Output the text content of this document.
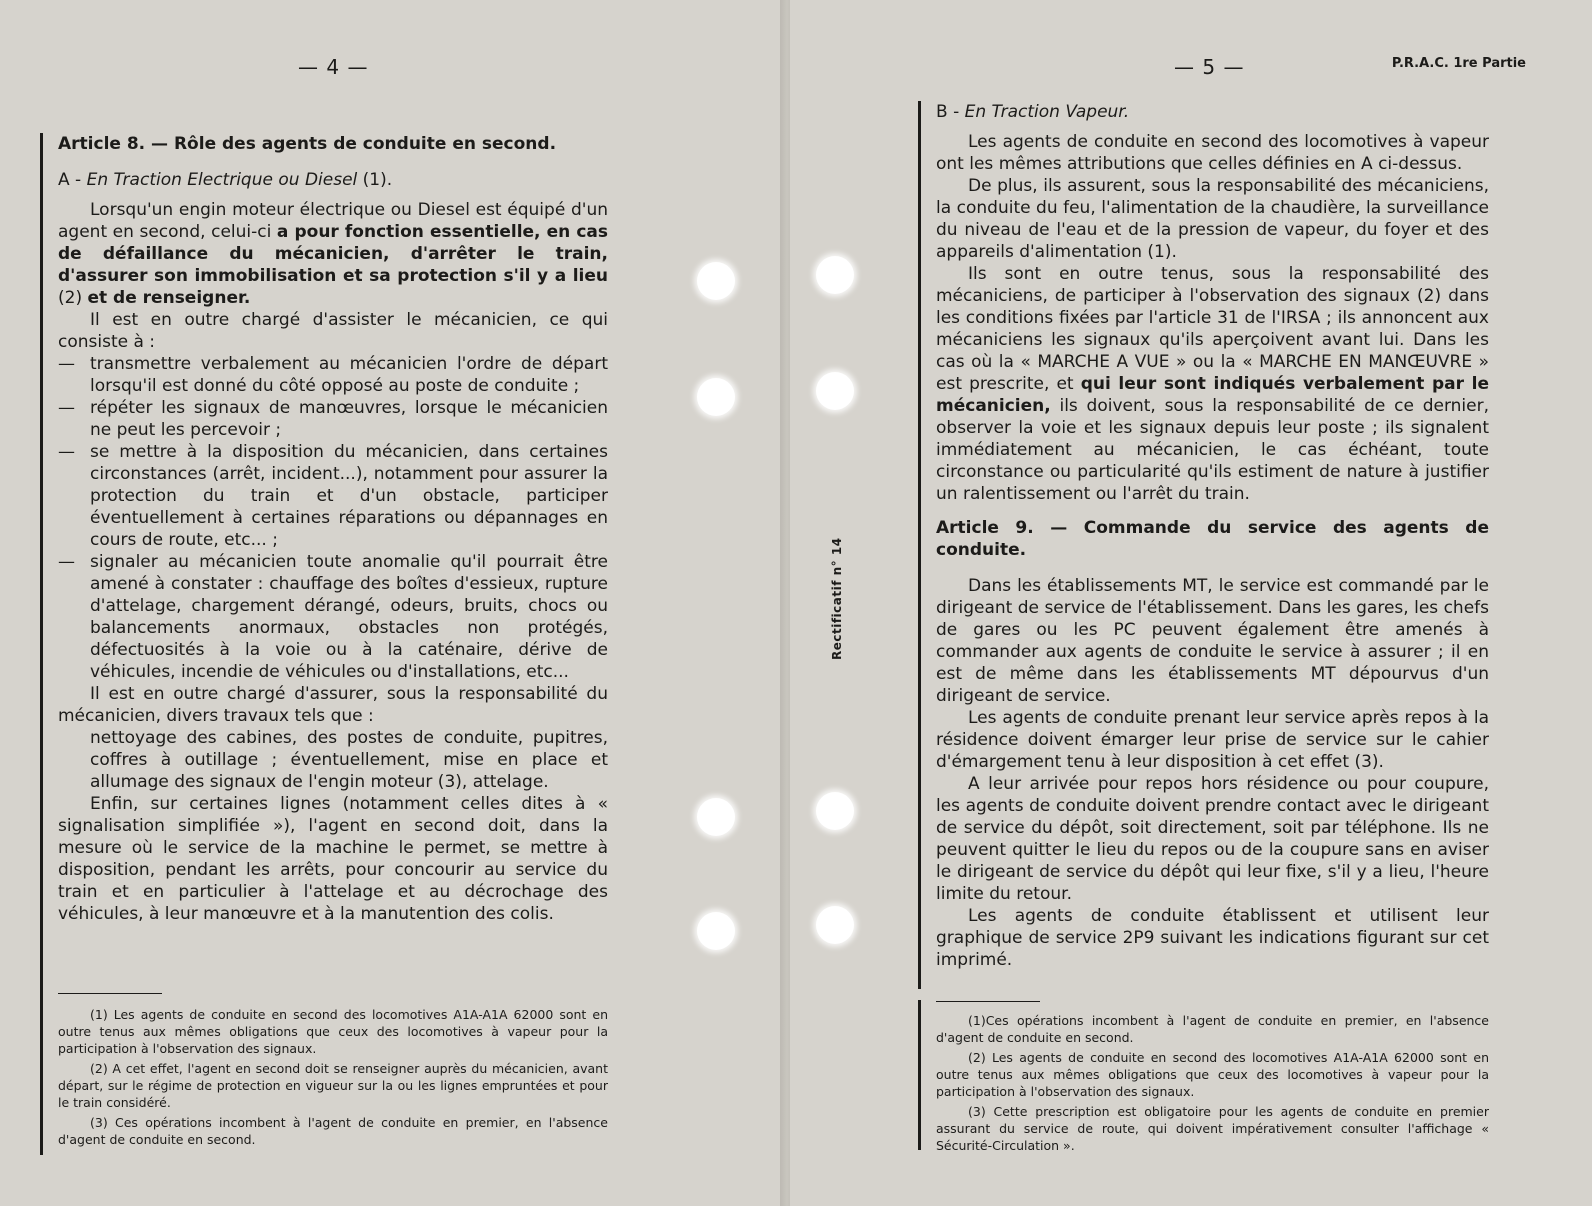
— 4 —

Article 8. — Rôle des agents de conduite en second.

A - En Traction Electrique ou Diesel (1).

Lorsqu'un engin moteur électrique ou Diesel est équipé d'un agent en second, celui-ci a pour fonction essentielle, en cas de défaillance du mécanicien, d'arrêter le train, d'assurer son immobilisation et sa protection s'il y a lieu (2) et de renseigner.

Il est en outre chargé d'assister le mécanicien, ce qui consiste à :

— transmettre verbalement au mécanicien l'ordre de départ lorsqu'il est donné du côté opposé au poste de conduite ;

— répéter les signaux de manœuvres, lorsque le mécanicien ne peut les percevoir ;

— se mettre à la disposition du mécanicien, dans certaines circonstances (arrêt, incident...), notamment pour assurer la protection du train et d'un obstacle, participer éventuellement à certaines réparations ou dépannages en cours de route, etc... ;

— signaler au mécanicien toute anomalie qu'il pourrait être amené à constater : chauffage des boîtes d'essieux, rupture d'attelage, chargement dérangé, odeurs, bruits, chocs ou balancements anormaux, obstacles non protégés, défectuosités à la voie ou à la caténaire, dérive de véhicules, incendie de véhicules ou d'installations, etc...

Il est en outre chargé d'assurer, sous la responsabilité du mécanicien, divers travaux tels que :

nettoyage des cabines, des postes de conduite, pupitres, coffres à outillage ; éventuellement, mise en place et allumage des signaux de l'engin moteur (3), attelage.

Enfin, sur certaines lignes (notamment celles dites à « signalisation simplifiée »), l'agent en second doit, dans la mesure où le service de la machine le permet, se mettre à disposition, pendant les arrêts, pour concourir au service du train et en particulier à l'attelage et au décrochage des véhicules, à leur manœuvre et à la manutention des colis.

(1) Les agents de conduite en second des locomotives A1A-A1A 62000 sont en outre tenus aux mêmes obligations que ceux des locomotives à vapeur pour la participation à l'observation des signaux.

(2) A cet effet, l'agent en second doit se renseigner auprès du mécanicien, avant départ, sur le régime de protection en vigueur sur la ou les lignes empruntées et pour le train considéré.

(3) Ces opérations incombent à l'agent de conduite en premier, en l'absence d'agent de conduite en second.

— 5 —	P.R.A.C. 1re Partie
Rectificatif n° 14

B - En Traction Vapeur.

Les agents de conduite en second des locomotives à vapeur ont les mêmes attributions que celles définies en A ci-dessus.

De plus, ils assurent, sous la responsabilité des mécaniciens, la conduite du feu, l'alimentation de la chaudière, la surveillance du niveau de l'eau et de la pression de vapeur, du foyer et des appareils d'alimentation (1).

Ils sont en outre tenus, sous la responsabilité des mécaniciens, de participer à l'observation des signaux (2) dans les conditions fixées par l'article 31 de l'IRSA ; ils annoncent aux mécaniciens les signaux qu'ils aperçoivent avant lui. Dans les cas où la « MARCHE A VUE » ou la « MARCHE EN MANŒUVRE » est prescrite, et qui leur sont indiqués verbalement par le mécanicien, ils doivent, sous la responsabilité de ce dernier, observer la voie et les signaux depuis leur poste ; ils signalent immédiatement au mécanicien, le cas échéant, toute circonstance ou particularité qu'ils estiment de nature à justifier un ralentissement ou l'arrêt du train.

Article 9. — Commande du service des agents de conduite.

Dans les établissements MT, le service est commandé par le dirigeant de service de l'établissement. Dans les gares, les chefs de gares ou les PC peuvent également être amenés à commander aux agents de conduite le service à assurer ; il en est de même dans les établissements MT dépourvus d'un dirigeant de service.

Les agents de conduite prenant leur service après repos à la résidence doivent émarger leur prise de service sur le cahier d'émargement tenu à leur disposition à cet effet (3).

A leur arrivée pour repos hors résidence ou pour coupure, les agents de conduite doivent prendre contact avec le dirigeant de service du dépôt, soit directement, soit par téléphone. Ils ne peuvent quitter le lieu du repos ou de la coupure sans en aviser le dirigeant de service du dépôt qui leur fixe, s'il y a lieu, l'heure limite du retour.

Les agents de conduite établissent et utilisent leur graphique de service 2P9 suivant les indications figurant sur cet imprimé.

(1)Ces opérations incombent à l'agent de conduite en premier, en l'absence d'agent de conduite en second.

(2) Les agents de conduite en second des locomotives A1A-A1A 62000 sont en outre tenus aux mêmes obligations que ceux des locomotives à vapeur pour la participation à l'observation des signaux.

(3) Cette prescription est obligatoire pour les agents de conduite en premier assurant du service de route, qui doivent impérativement consulter l'affichage « Sécurité-Circulation ».
